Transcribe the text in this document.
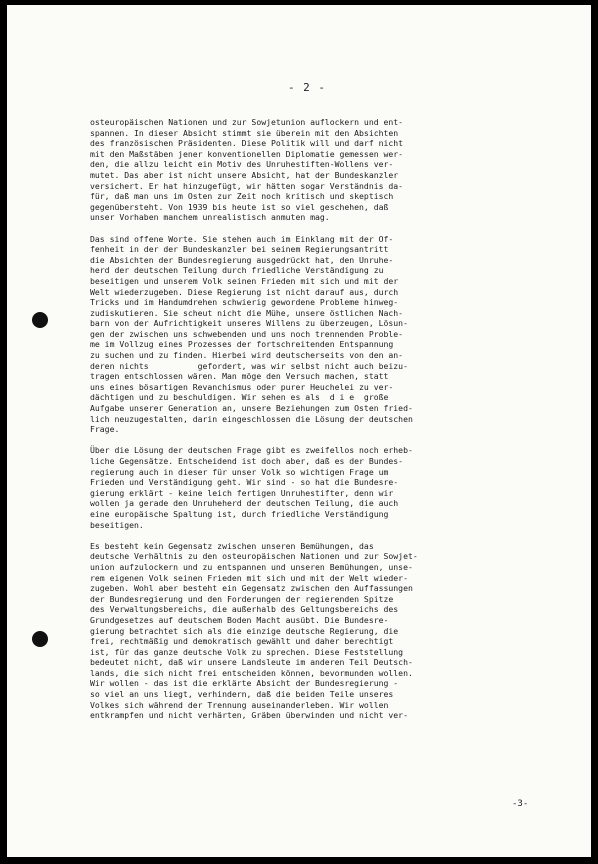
- 2 -
osteuropäischen Nationen und zur Sowjetunion auflockern und ent-
spannen. In dieser Absicht stimmt sie überein mit den Absichten
des französischen Präsidenten. Diese Politik will und darf nicht
mit den Maßstäben jener konventionellen Diplomatie gemessen wer-
den, die allzu leicht ein Motiv des Unruhestiften-Wollens ver-
mutet. Das aber ist nicht unsere Absicht, hat der Bundeskanzler
versichert. Er hat hinzugefügt, wir hätten sogar Verständnis da-
für, daß man uns im Osten zur Zeit noch kritisch und skeptisch
gegenübersteht. Von 1939 bis heute ist so viel geschehen, daß
unser Vorhaben manchem unrealistisch anmuten mag.
Das sind offene Worte. Sie stehen auch im Einklang mit der Of-
fenheit in der der Bundeskanzler bei seinem Regierungsantritt
die Absichten der Bundesregierung ausgedrückt hat, den Unruhe-
herd der deutschen Teilung durch friedliche Verständigung zu
beseitigen und unserem Volk seinen Frieden mit sich und mit der
Welt wiederzugeben. Diese Regierung ist nicht darauf aus, durch
Tricks und im Handumdrehen schwierig gewordene Probleme hinweg-
zudiskutieren. Sie scheut nicht die Mühe, unsere östlichen Nach-
barn von der Aufrichtigkeit unseres Willens zu überzeugen, Lösun-
gen der zwischen uns schwebenden und uns noch trennenden Proble-
me im Vollzug eines Prozesses der fortschreitenden Entspannung
zu suchen und zu finden. Hierbei wird deutscherseits von den an-
deren nichts          gefordert, was wir selbst nicht auch beizu-
tragen entschlossen wären. Man möge den Versuch machen, statt
uns eines bösartigen Revanchismus oder purer Heuchelei zu ver-
dächtigen und zu beschuldigen. Wir sehen es als  d i e  große
Aufgabe unserer Generation an, unsere Beziehungen zum Osten fried-
lich neuzugestalten, darin eingeschlossen die Lösung der deutschen
Frage.
Über die Lösung der deutschen Frage gibt es zweifellos noch erheb-
liche Gegensätze. Entscheidend ist doch aber, daß es der Bundes-
regierung auch in dieser für unser Volk so wichtigen Frage um
Frieden und Verständigung geht. Wir sind - so hat die Bundesre-
gierung erklärt - keine leich fertigen Unruhestifter, denn wir
wollen ja gerade den Unruheherd der deutschen Teilung, die auch
eine europäische Spaltung ist, durch friedliche Verständigung
beseitigen.
Es besteht kein Gegensatz zwischen unseren Bemühungen, das
deutsche Verhältnis zu den osteuropäischen Nationen und zur Sowjet-
union aufzulockern und zu entspannen und unseren Bemühungen, unse-
rem eigenen Volk seinen Frieden mit sich und mit der Welt wieder-
zugeben. Wohl aber besteht ein Gegensatz zwischen den Auffassungen
der Bundesregierung und den Forderungen der regierenden Spitze
des Verwaltungsbereichs, die außerhalb des Geltungsbereichs des
Grundgesetzes auf deutschem Boden Macht ausübt. Die Bundesre-
gierung betrachtet sich als die einzige deutsche Regierung, die
frei, rechtmäßig und demokratisch gewählt und daher berechtigt
ist, für das ganze deutsche Volk zu sprechen. Diese Feststellung
bedeutet nicht, daß wir unsere Landsleute im anderen Teil Deutsch-
lands, die sich nicht frei entscheiden können, bevormunden wollen.
Wir wollen - das ist die erklärte Absicht der Bundesregierung -
so viel an uns liegt, verhindern, daß die beiden Teile unseres
Volkes sich während der Trennung auseinanderleben. Wir wollen
entkrampfen und nicht verhärten, Gräben überwinden und nicht ver-
-3-
